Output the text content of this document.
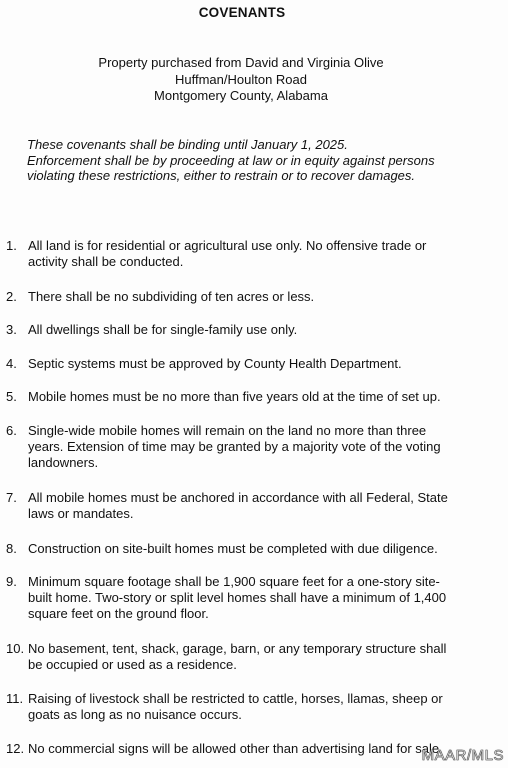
COVENANTS
Property purchased from David and Virginia Olive
Huffman/Houlton Road
Montgomery County, Alabama
These covenants shall be binding until January 1, 2025.
Enforcement shall be by proceeding at law or in equity against persons
violating these restrictions, either to restrain or to recover damages.
1. All land is for residential or agricultural use only. No offensive trade or
activity shall be conducted.
2. There shall be no subdividing of ten acres or less.
3. All dwellings shall be for single-family use only.
4. Septic systems must be approved by County Health Department.
5. Mobile homes must be no more than five years old at the time of set up.
6. Single-wide mobile homes will remain on the land no more than three
years. Extension of time may be granted by a majority vote of the voting
landowners.
7. All mobile homes must be anchored in accordance with all Federal, State
laws or mandates.
8. Construction on site-built homes must be completed with due diligence.
9. Minimum square footage shall be 1,900 square feet for a one-story site-
built home. Two-story or split level homes shall have a minimum of 1,400
square feet on the ground floor.
10. No basement, tent, shack, garage, barn, or any temporary structure shall
be occupied or used as a residence.
11. Raising of livestock shall be restricted to cattle, horses, llamas, sheep or
goats as long as no nuisance occurs.
12. No commercial signs will be allowed other than advertising land for sale.
MAAR/MLS
